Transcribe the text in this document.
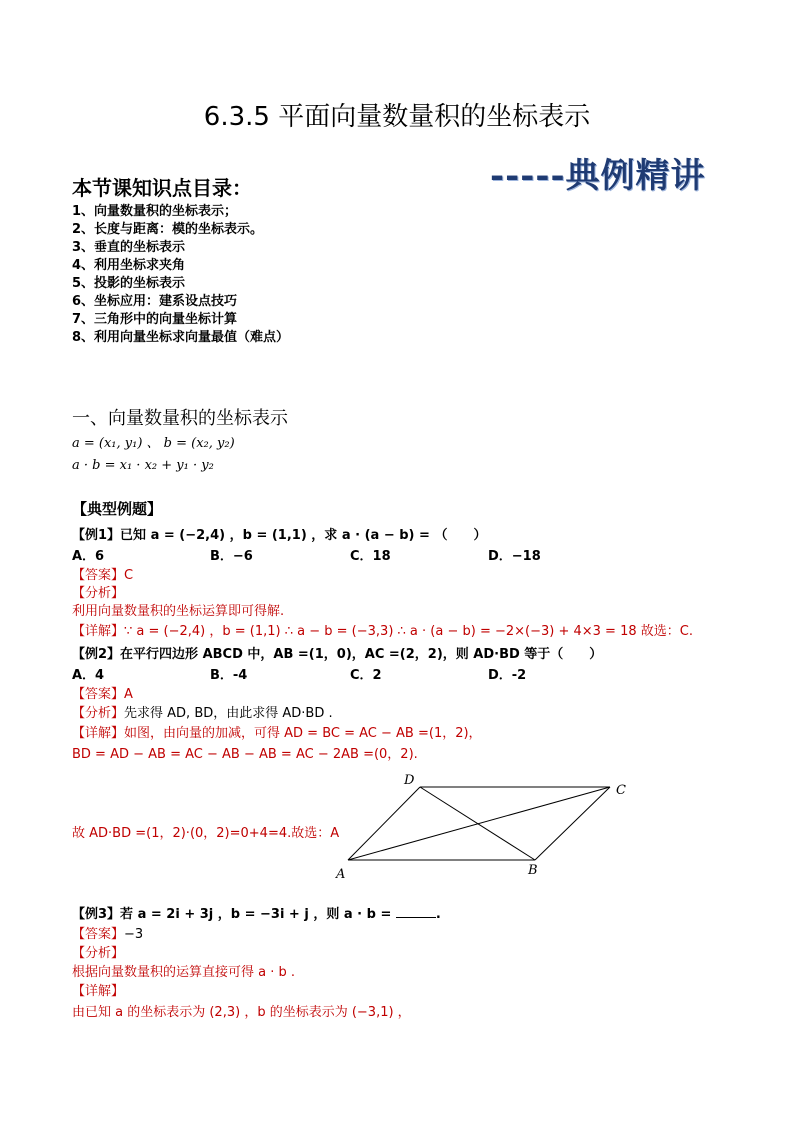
6.3.5 平面向量数量积的坐标表示
本节课知识点目录：	-----典例精讲
1、向量数量积的坐标表示；
2、长度与距离：模的坐标表示。
3、垂直的坐标表示
4、利用坐标求夹角
5、投影的坐标表示
6、坐标应用：建系设点技巧
7、三角形中的向量坐标计算
8、利用向量坐标求向量最值（难点）
一、向量数量积的坐标表示
a = (x₁, y₁) 、 b = (x₂, y₂)
a · b = x₁ · x₂ + y₁ · y₂
【典型例题】
【例1】已知 a = (−2,4) ，b = (1,1) ，求 a · (a − b) = （　　）
A．6	B．−6	C．18	D．−18
【答案】C
【分析】
利用向量数量积的坐标运算即可得解.
【详解】∵ a = (−2,4) ，b = (1,1) ∴ a − b = (−3,3) ∴ a · (a − b) = −2×(−3) + 4×3 = 18 故选：C.
【例2】在平行四边形 ABCD 中，AB =(1，0)，AC =(2，2)，则 AD·BD 等于（　　）
A．4	B．-4	C．2	D．-2
【答案】A
【分析】先求得 AD, BD，由此求得 AD·BD .
【详解】如图，由向量的加减，可得 AD = BC = AC − AB =(1，2)，
BD = AD − AB = AC − AB − AB = AC − 2AB =(0，2).
A	B
C
D
故 AD·BD =(1，2)·(0，2)=0+4=4.故选：A
【例3】若 a = 2i + 3j ，b = −3i + j ，则 a · b =	.
【答案】−3
【分析】
根据向量数量积的运算直接可得 a · b .
【详解】
由已知 a 的坐标表示为 (2,3) ，b 的坐标表示为 (−3,1) ，
